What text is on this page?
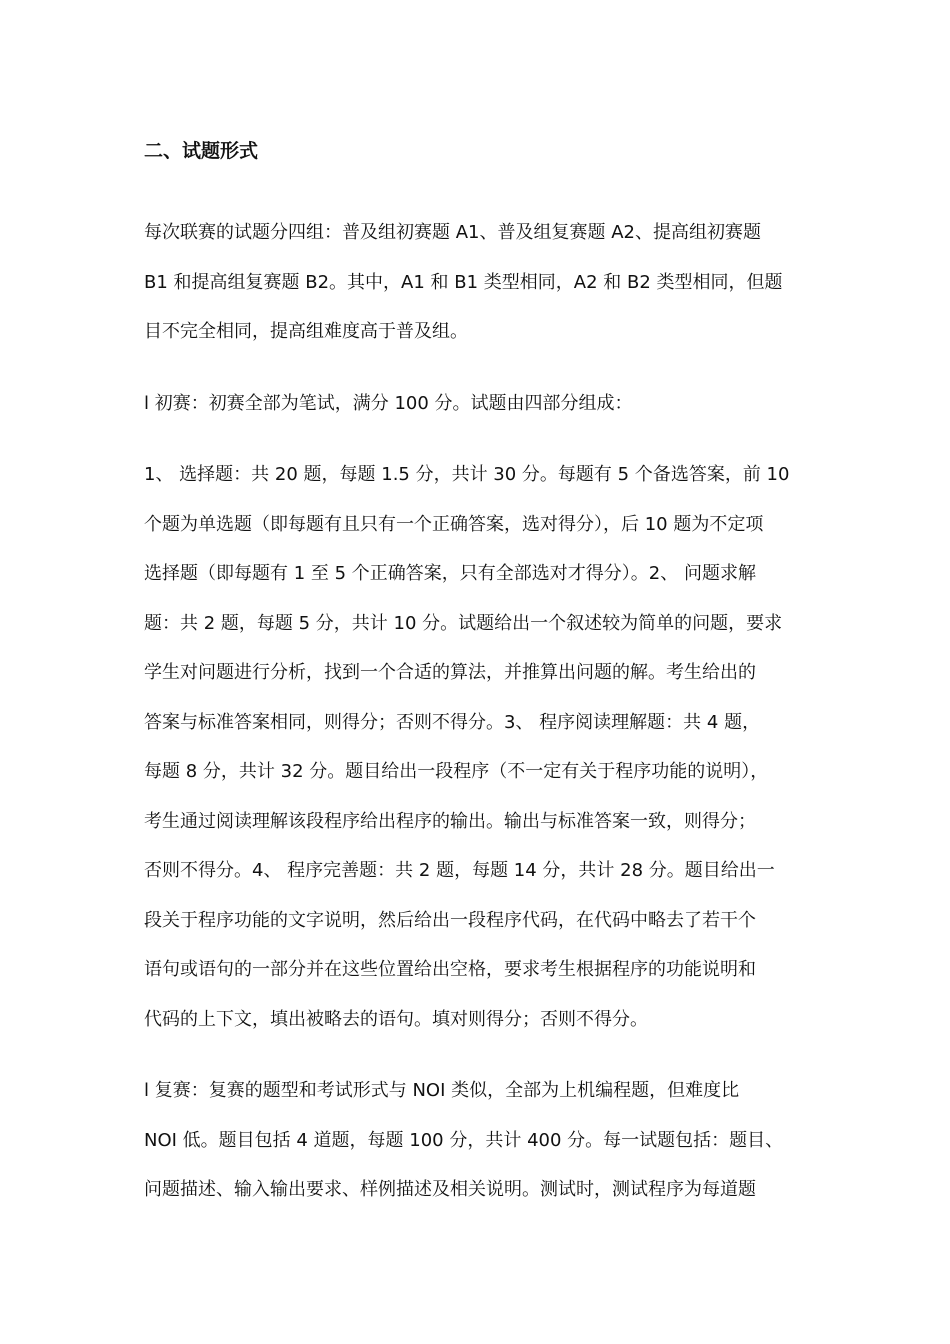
二、试题形式
每次联赛的试题分四组：普及组初赛题 A1、普及组复赛题 A2、提高组初赛题
B1 和提高组复赛题 B2。其中，A1 和 B1 类型相同，A2 和 B2 类型相同，但题
目不完全相同，提高组难度高于普及组。
l 初赛：初赛全部为笔试，满分 100 分。试题由四部分组成：
1、 选择题：共 20 题，每题 1.5 分，共计 30 分。每题有 5 个备选答案，前 10
个题为单选题（即每题有且只有一个正确答案，选对得分），后 10 题为不定项
选择题（即每题有 1 至 5 个正确答案，只有全部选对才得分）。2、 问题求解
题：共 2 题，每题 5 分，共计 10 分。试题给出一个叙述较为简单的问题，要求
学生对问题进行分析，找到一个合适的算法，并推算出问题的解。考生给出的
答案与标准答案相同，则得分；否则不得分。3、 程序阅读理解题：共 4 题，
每题 8 分，共计 32 分。题目给出一段程序（不一定有关于程序功能的说明），
考生通过阅读理解该段程序给出程序的输出。输出与标准答案一致，则得分；
否则不得分。4、 程序完善题：共 2 题，每题 14 分，共计 28 分。题目给出一
段关于程序功能的文字说明，然后给出一段程序代码，在代码中略去了若干个
语句或语句的一部分并在这些位置给出空格，要求考生根据程序的功能说明和
代码的上下文，填出被略去的语句。填对则得分；否则不得分。
l 复赛：复赛的题型和考试形式与 NOI 类似，全部为上机编程题，但难度比
NOI 低。题目包括 4 道题，每题 100 分，共计 400 分。每一试题包括：题目、
问题描述、输入输出要求、样例描述及相关说明。测试时，测试程序为每道题
